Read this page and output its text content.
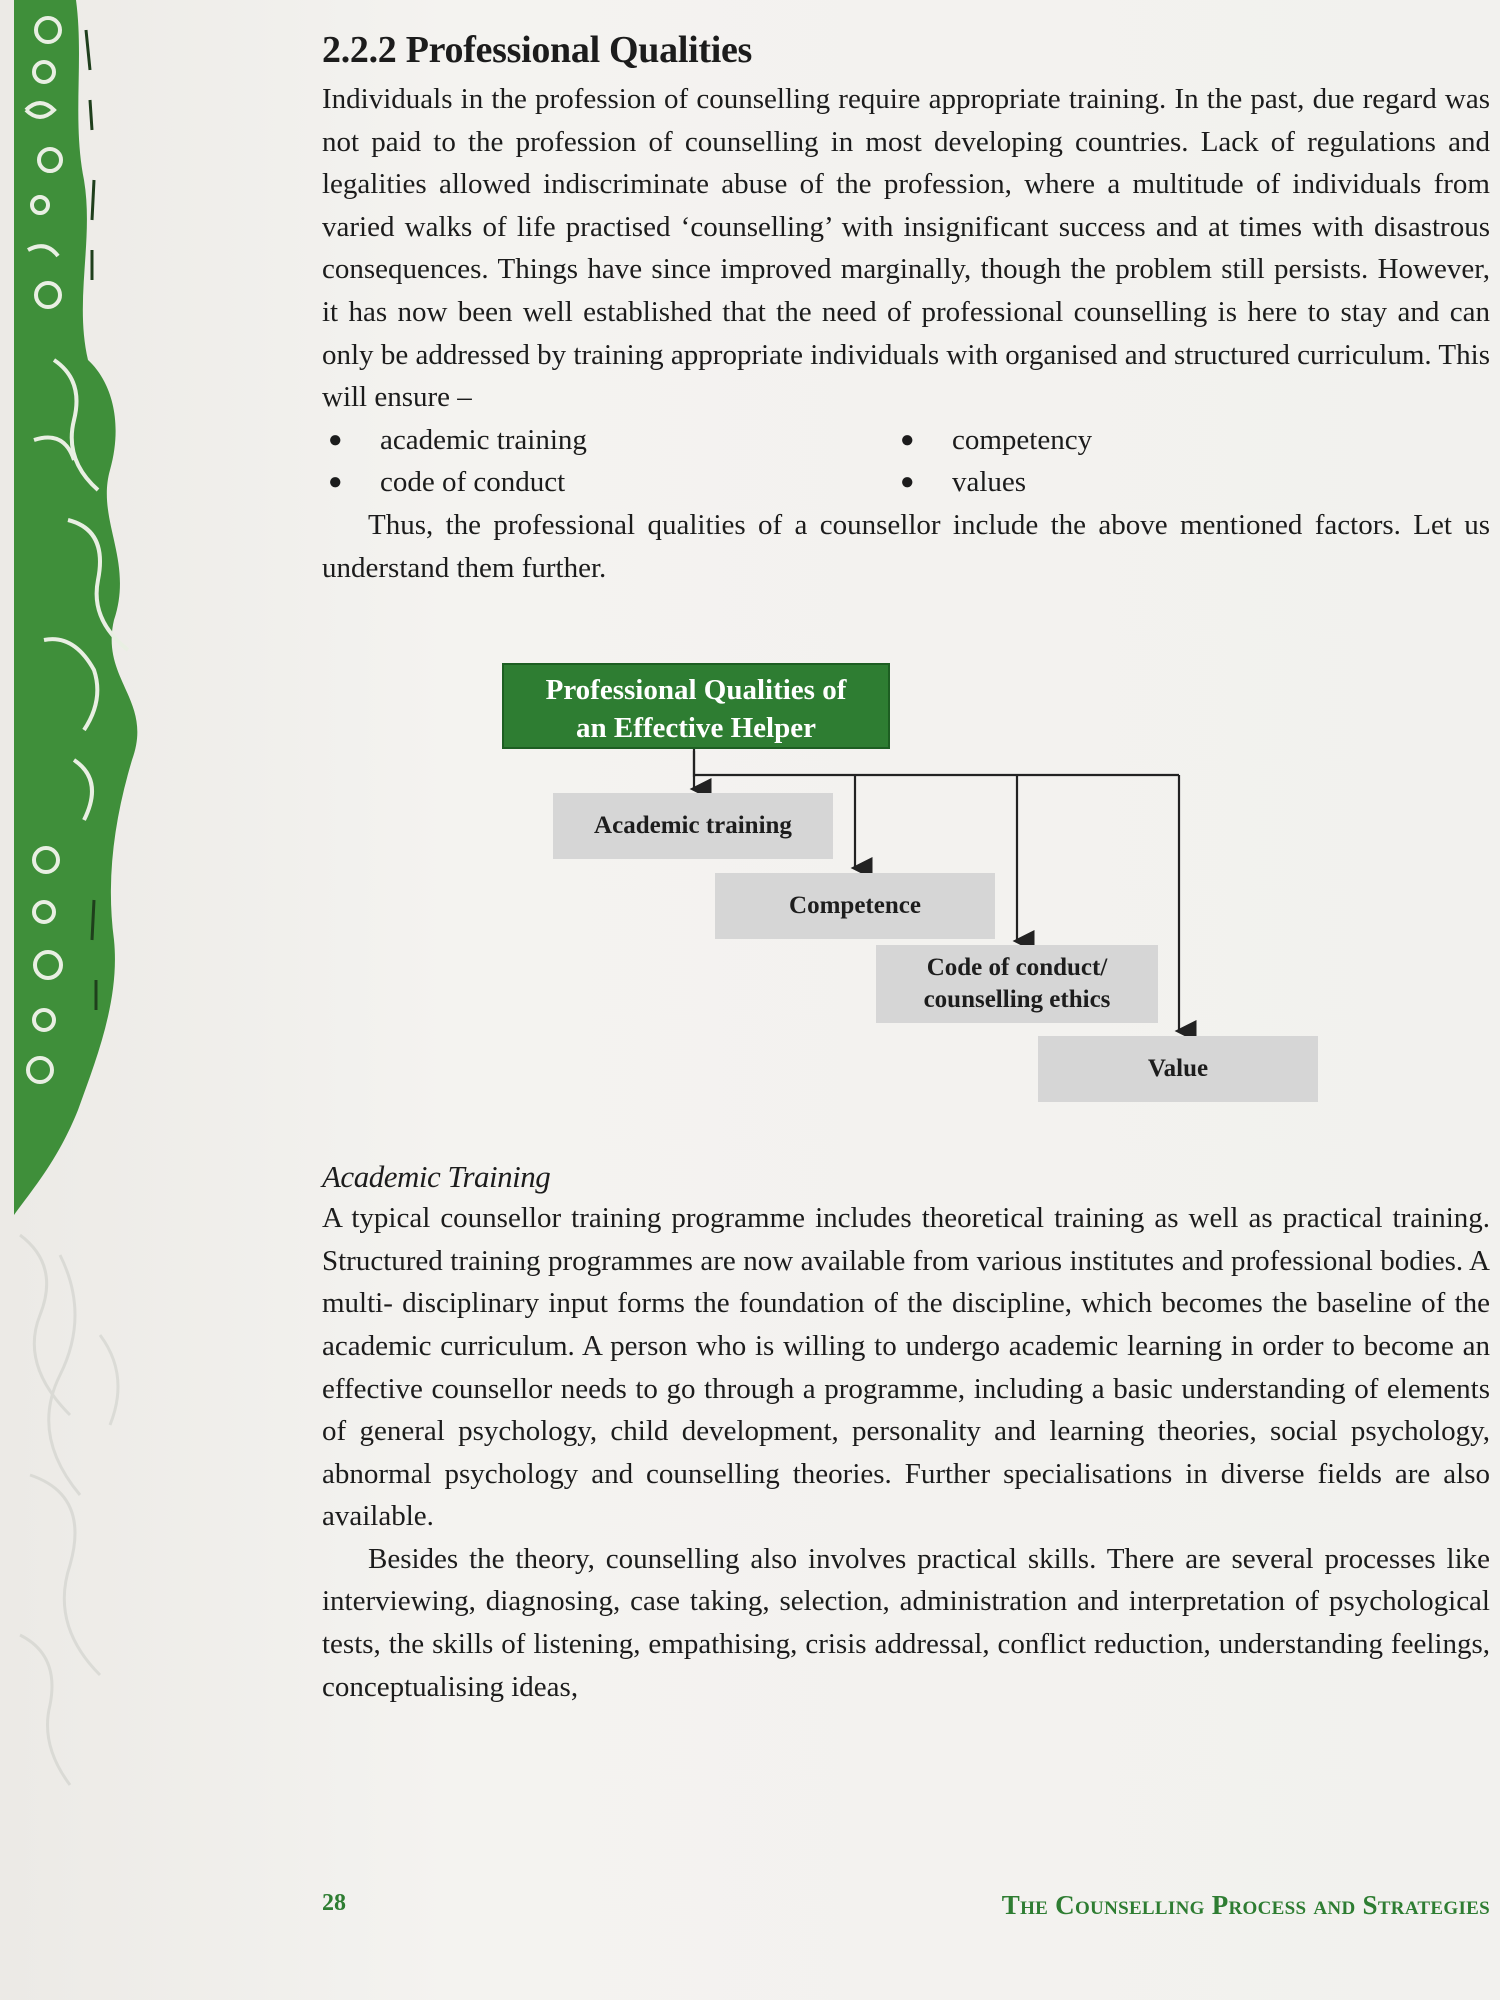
2.2.2 Professional Qualities

Individuals in the profession of counselling require appropriate training. In the past, due regard was not paid to the profession of counselling in most developing countries. Lack of regulations and legalities allowed indiscriminate abuse of the profession, where a multitude of individuals from varied walks of life practised ‘counselling’ with insignificant success and at times with disastrous consequences. Things have since improved marginally, though the problem still persists. However, it has now been well established that the need of professional counselling is here to stay and can only be addressed by training appropriate individuals with organised and structured curriculum. This will ensure –

●	academic training	●	competency
●	code of conduct	●	values

Thus, the professional qualities of a counsellor include the above mentioned factors. Let us understand them further.

Professional Qualities of
an Effective Helper
Academic training
Competence
Code of conduct/
counselling ethics
Value
Academic Training

A typical counsellor training programme includes theoretical training as well as practical training. Structured training programmes are now available from various institutes and professional bodies. A multi- disciplinary input forms the foundation of the discipline, which becomes the baseline of the academic curriculum. A person who is willing to undergo academic learning in order to become an effective counsellor needs to go through a programme, including a basic understanding of elements of general psychology, child development, personality and learning theories, social psychology, abnormal psychology and counselling theories. Further specialisations in diverse fields are also available.

Besides the theory, counselling also involves practical skills. There are several processes like interviewing, diagnosing, case taking, selection, administration and interpretation of psychological tests, the skills of listening, empathising, crisis addressal, conflict reduction, understanding feelings, conceptualising ideas,

28	The Counselling Process and Strategies
